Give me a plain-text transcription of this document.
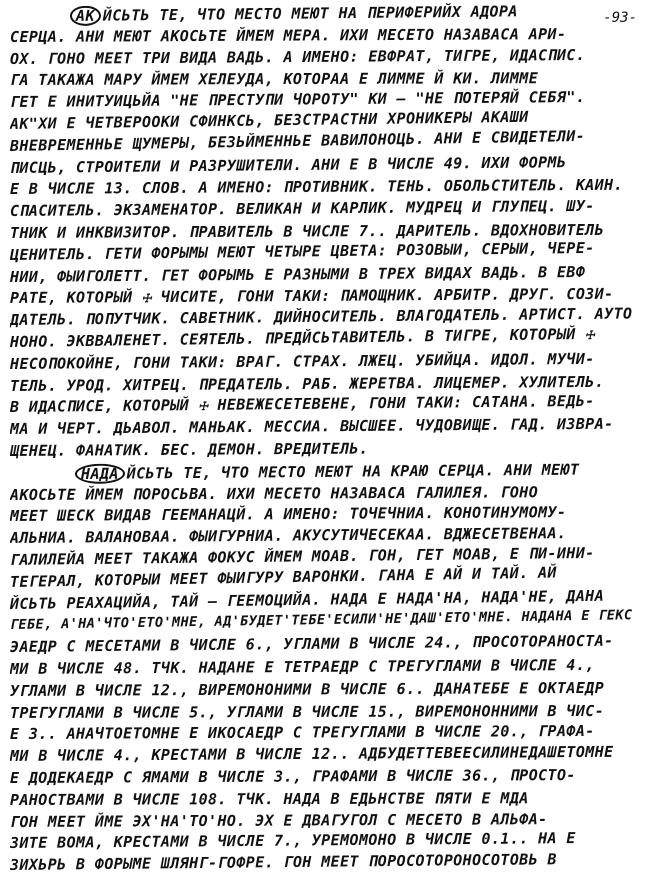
-93-
АК ЙСЬТЬ ТЕ, ЧТО МЕСТО МЕЮТ НА ПЕРИФЕРИЙХ АДОРА
СЕРЦА. АНИ МЕЮТ АКОСЬТЕ ЙМЕМ МЕРА. ИХИ МЕСЕТО НАЗАВАСА АРИ-
ОХ. ГОНО МЕЕТ ТРИ ВИДА ВАДЬ. А ИМЕНО: ЕВФРАТ, ТИГРЕ, ИДАСПИС.
ГА ТАКАЖА МАРУ ЙМЕМ ХЕЛЕУДА, КОТОРАА Е ЛИММЕ Й КИ. ЛИММЕ
ГЕТ Е ИНИТУИЦЬЙА "НЕ ПРЕСТУПИ ЧОРОТУ" КИ — "НЕ ПОТЕРЯЙ СЕБЯ".
АК"ХИ Е ЧЕТВЕРООКИ СФИНКСЬ, БЕЗСТРАСТНИ ХРОНИКЕРЫ АКАШИ
ВНЕВРЕМЕННЬЕ ЩУМЕРЫ, БЕЗЬЙМЕННЬЕ ВАВИЛОНОЦЬ. АНИ Е СВИДЕТЕЛИ-
ПИСЦЬ, СТРОИТЕЛИ И РАЗРУШИТЕЛИ. АНИ Е В ЧИСЛЕ 49. ИХИ ФОРМЬ
Е В ЧИСЛЕ 13. СЛОВ. А ИМЕНО: ПРОТИВНИК. ТЕНЬ. ОБОЛЬСТИТЕЛЬ. КАИН.
СПАСИТЕЛЬ. ЭКЗАМЕНАТОР. ВЕЛИКАН И КАРЛИК. МУДРЕЦ И ГЛУПЕЦ. ШУ-
ТНИК И ИНКВИЗИТОР. ПРАВИТЕЛЬ В ЧИСЛЕ 7.. ДАРИТЕЛЬ. ВДОХНОВИТЕЛЬ
ЦЕНИТЕЛЬ. ГЕТИ ФОРЫМЫ МЕЮТ ЧЕТЫРЕ ЦВЕТА: РОЗОВЫИ, СЕРЫИ, ЧЕРЕ-
НИИ, ФЫИГОЛЕТТ. ГЕТ ФОРЫМЬ Е РАЗНЫМИ В ТРЕХ ВИДАХ ВАДЬ. В ЕВФ
РАТЕ, КОТОРЫЙ ☩ ЧИСИТЕ, ГОНИ ТАКИ: ПАМОЩНИК. АРБИТР. ДРУГ. СОЗИ-
ДАТЕЛЬ. ПОПУТЧИК. САВЕТНИК. ДИЙНОСИТЕЛЬ. ВЛАГОДАТЕЛЬ. АРТИСТ. АУТО
НОНО. ЭКВВАЛЕНЕТ. СЕЯТЕЛЬ. ПРЕДЙСЬТАВИТЕЛЬ. В ТИГРЕ, КОТОРЫЙ ☩
НЕСОПОКОЙНЕ, ГОНИ ТАКИ: ВРАГ. СТРАХ. ЛЖЕЦ. УБИЙЦА. ИДОЛ. МУЧИ-
ТЕЛЬ. УРОД. ХИТРЕЦ. ПРЕДАТЕЛЬ. РАБ. ЖЕРЕТВА. ЛИЦЕМЕР. ХУЛИТЕЛЬ.
В ИДАСПИСЕ, КОТОРЫЙ ☩ НЕВЕЖЕСЕТЕВЕНЕ, ГОНИ ТАКИ: САТАНА. ВЕДЬ-
МА И ЧЕРТ. ДЬАВОЛ. МАНЬАК. МЕССИА. ВЫСШЕЕ. ЧУДОВИЩЕ. ГАД. ИЗВРА-
ЩЕНЕЦ. ФАНАТИК. БЕС. ДЕМОН. ВРЕДИТЕЛЬ.
НАДА ЙСЬТЬ ТЕ, ЧТО МЕСТО МЕЮТ НА КРАЮ СЕРЦА. АНИ МЕЮТ
АКОСЬТЕ ЙМЕМ ПОРОСЬВА. ИХИ МЕСЕТО НАЗАВАСА ГАЛИЛЕЯ. ГОНО
МЕЕТ ШЕСК ВИДАВ ГЕЕМАНАЦЙ. А ИМЕНО: ТОЧЕЧНИА. КОНОТИНУМОМУ-
АЛЬНИА. ВАЛАНОВАА. ФЫИГУРНИА. АКУСУТИЧЕСЕКАА. ВДЖЕСЕТВЕНАА.
ГАЛИЛЕЙА МЕЕТ ТАКАЖА ФОКУС ЙМЕМ МОАВ. ГОН, ГЕТ МОАВ, Е ПИ-ИНИ-
ТЕГЕРАЛ, КОТОРЫИ МЕЕТ ФЫИГУРУ ВАРОНКИ. ГАНА Е АЙ И ТАЙ. АЙ
ЙСЬТЬ РЕАХАЦИЙА, ТАЙ — ГЕЕМОЦИЙА. НАДА Е НАДА'НА, НАДА'НЕ, ДАНА
ГЕБЕ, А'НА'ЧТО'ЕТО'МНЕ, АД'БУДЕТ'ТЕБЕ'ЕСИЛИ'НЕ'ДАШ'ЕТО'МНЕ. НАДАНА Е ГЕКС
ЭАЕДР С МЕСЕТАМИ В ЧИСЛЕ 6., УГЛАМИ В ЧИСЛЕ 24., ПРОСОТОРАНОСТА-
МИ В ЧИСЛЕ 48. ТЧК. НАДАНЕ Е ТЕТРАЕДР С ТРЕГУГЛАМИ В ЧИСЛЕ 4.,
УГЛАМИ В ЧИСЛЕ 12., ВИРЕМОНОНИМИ В ЧИСЛЕ 6.. ДАНАТЕБЕ Е ОКТАЕДР
ТРЕГУГЛАМИ В ЧИСЛЕ 5., УГЛАМИ В ЧИСЛЕ 15., ВИРЕМОНОННИМИ В ЧИС-
Е 3.. АНАЧТОЕТОМНЕ Е ИКОСАЕДР С ТРЕГУГЛАМИ В ЧИСЛЕ 20., ГРАФА-
МИ В ЧИСЛЕ 4., КРЕСТАМИ В ЧИСЛЕ 12.. АДБУДЕТТЕВЕЕСИЛИНЕДАШЕТОМНЕ
Е ДОДЕКАЕДР С ЯМАМИ В ЧИСЛЕ 3., ГРАФАМИ В ЧИСЛЕ 36., ПРОСТО-
РАНОСТВАМИ В ЧИСЛЕ 108. ТЧК. НАДА В ЕДЬНСТВЕ ПЯТИ Е МДА
ГОН МЕЕТ ЙМЕ ЭХ'НА'ТО'НО. ЭХ Е ДВАГУГОЛ С МЕСЕТО В АЛЬФА-
ЗИТЕ ВОМА, КРЕСТАМИ В ЧИСЛЕ 7., УРЕМОМОНО В ЧИСЛЕ 0.1.. НА Е
ЗИХЬРЬ В ФОРЫМЕ ШЛЯНГ-ГОФРЕ. ГОН МЕЕТ ПОРОСОТОРОНОСОТОВЬ В
